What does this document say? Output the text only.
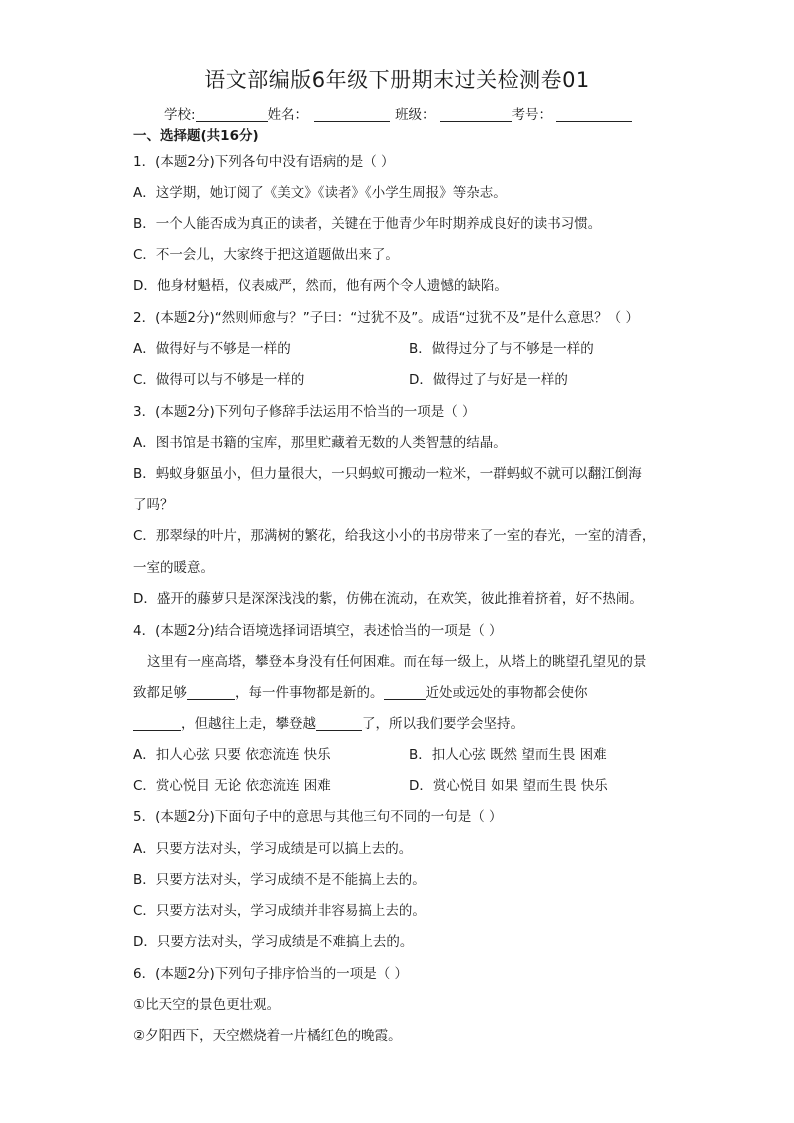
语文部编版6年级下册期末过关检测卷01
学校:	姓名：	班级：	考号：
一、选择题(共16分)
1．(本题2分)下列各句中没有语病的是（ ）
A．这学期，她订阅了《美文》《读者》《小学生周报》等杂志。
B．一个人能否成为真正的读者，关键在于他青少年时期养成良好的读书习惯。
C．不一会儿，大家终于把这道题做出来了。
D．他身材魁梧，仪表威严，然而，他有两个令人遗憾的缺陷。
2．(本题2分)“然则师愈与？”子曰：“过犹不及”。成语“过犹不及”是什么意思？（ ）
A．做得好与不够是一样的	B．做得过分了与不够是一样的
C．做得可以与不够是一样的	D．做得过了与好是一样的
3．(本题2分)下列句子修辞手法运用不恰当的一项是（ ）
A．图书馆是书籍的宝库，那里贮藏着无数的人类智慧的结晶。
B．蚂蚁身躯虽小，但力量很大，一只蚂蚁可搬动一粒米，一群蚂蚁不就可以翻江倒海
了吗？
C．那翠绿的叶片，那满树的繁花，给我这小小的书房带来了一室的春光，一室的清香，
一室的暖意。
D．盛开的藤萝只是深深浅浅的紫，仿佛在流动，在欢笑，彼此推着挤着，好不热闹。
4．(本题2分)结合语境选择词语填空，表述恰当的一项是（ ）
这里有一座高塔，攀登本身没有任何困难。而在每一级上，从塔上的眺望孔望见的景
致都足够	，每一件事物都是新的。	近处或远处的事物都会使你
，但越往上走，攀登越	了，所以我们要学会坚持。
A．扣人心弦 只要 依恋流连 快乐	B．扣人心弦 既然 望而生畏 困难
C．赏心悦目 无论 依恋流连 困难	D．赏心悦目 如果 望而生畏 快乐
5．(本题2分)下面句子中的意思与其他三句不同的一句是（ ）
A．只要方法对头，学习成绩是可以搞上去的。
B．只要方法对头，学习成绩不是不能搞上去的。
C．只要方法对头，学习成绩并非容易搞上去的。
D．只要方法对头，学习成绩是不难搞上去的。
6．(本题2分)下列句子排序恰当的一项是（ ）
①比天空的景色更壮观。
②夕阳西下，天空燃烧着一片橘红色的晚霞。
